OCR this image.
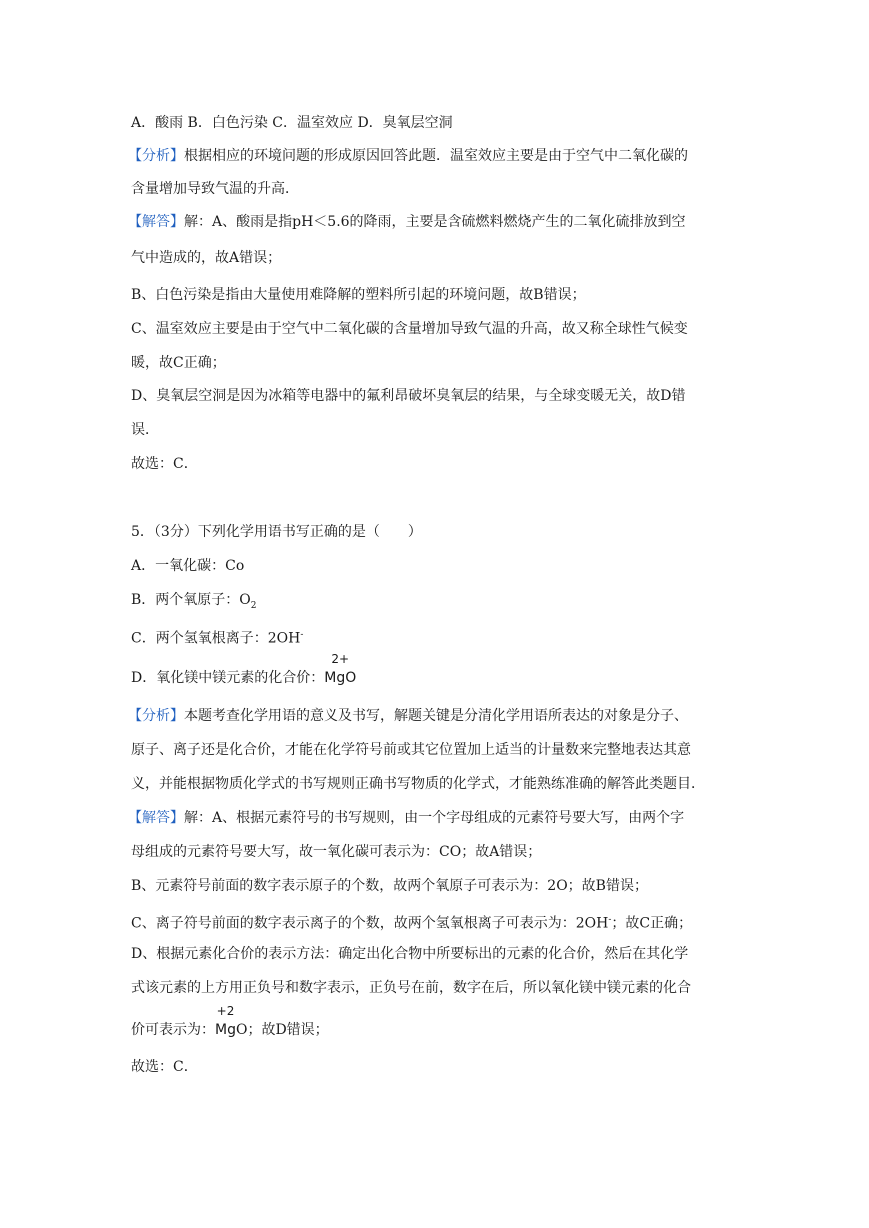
A．酸雨 B．白色污染 C．温室效应 D．臭氧层空洞
【分析】根据相应的环境问题的形成原因回答此题．温室效应主要是由于空气中二氧化碳的
含量增加导致气温的升高．
【解答】解：A、酸雨是指pH＜5.6的降雨，主要是含硫燃料燃烧产生的二氧化硫排放到空
气中造成的，故A错误；
B、白色污染是指由大量使用难降解的塑料所引起的环境问题，故B错误；
C、温室效应主要是由于空气中二氧化碳的含量增加导致气温的升高，故又称全球性气候变
暖，故C正确；
D、臭氧层空洞是因为冰箱等电器中的氟利昂破坏臭氧层的结果，与全球变暖无关，故D错
误．
故选：C．
5．（3分）下列化学用语书写正确的是（　　）
A．一氧化碳：Co
B．两个氧原子：$O_2$
C．两个氢氧根离子：2OH-
D．氧化镁中镁元素的化合价：
2+
MgO
【分析】本题考查化学用语的意义及书写，解题关键是分清化学用语所表达的对象是分子、
原子、离子还是化合价，才能在化学符号前或其它位置加上适当的计量数来完整地表达其意
义，并能根据物质化学式的书写规则正确书写物质的化学式，才能熟练准确的解答此类题目．
【解答】解：A、根据元素符号的书写规则，由一个字母组成的元素符号要大写，由两个字
母组成的元素符号要大写，故一氧化碳可表示为：CO；故A错误；
B、元素符号前面的数字表示原子的个数，故两个氧原子可表示为：2O；故B错误；
C、离子符号前面的数字表示离子的个数，故两个氢氧根离子可表示为：2OH-；故C正确；
D、根据元素化合价的表示方法：确定出化合物中所要标出的元素的化合价，然后在其化学
式该元素的上方用正负号和数字表示，正负号在前，数字在后，所以氧化镁中镁元素的化合
价可表示为：
+2
MgO；故D错误；
故选：C．
